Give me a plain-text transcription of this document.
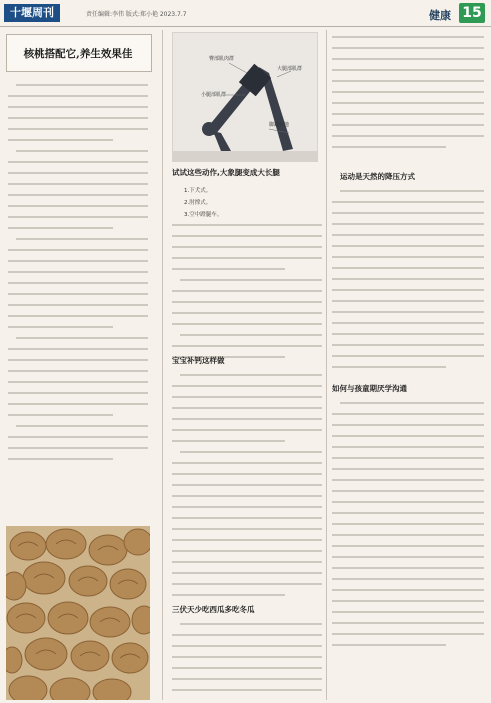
十堰周刊	责任编辑:李伟 版式:郑小艳 2023.7.7	健康 15
核桃搭配它,养生效果佳	臀部肌肉群
大腿部肌群
小腿部肌群
脚跟着地
试试这些动作,大象腿变成大长腿
1.下犬式。
2.肘撑式。
3.空中蹬腿车。
宝宝补钙这样做
三伏天少吃西瓜多吃冬瓜
运动是天然的降压方式
如何与孩童期厌学沟通
